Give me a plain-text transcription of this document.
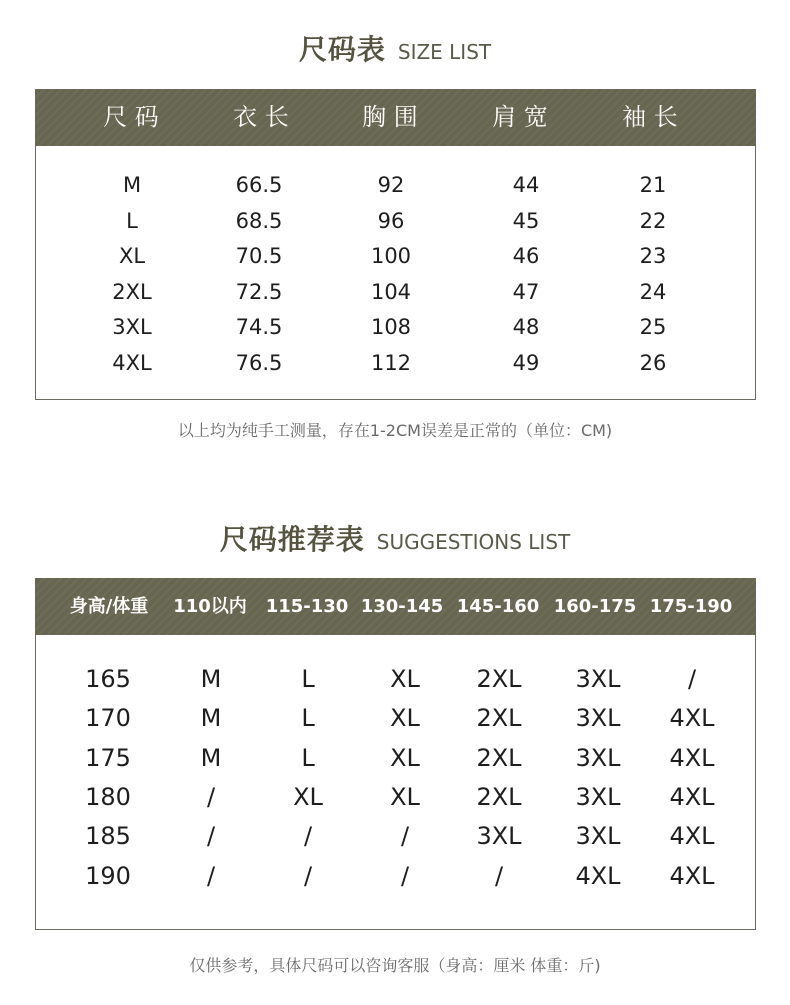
尺码表 SIZE LIST
尺 码	衣 长	胸 围	肩 宽	袖 长
M	66.5	92	44	21
L	68.5	96	45	22
XL	70.5	100	46	23
2XL	72.5	104	47	24
3XL	74.5	108	48	25
4XL	76.5	112	49	26
以上均为纯手工测量，存在1-2CM误差是正常的（单位：CM)
尺码推荐表 SUGGESTIONS LIST
身高/体重 110以内 115-130 130-145 145-160 160-175 175-190
165	M	L	XL 2XL 3XL	/
170	M	L	XL 2XL 3XL 4XL
175	M	L	XL 2XL 3XL 4XL
180	/	XL	XL 2XL 3XL 4XL
185	/	/	/	3XL 3XL 4XL
190	/	/	/	/	4XL 4XL
仅供参考，具体尺码可以咨询客服（身高：厘米 体重：斤)
